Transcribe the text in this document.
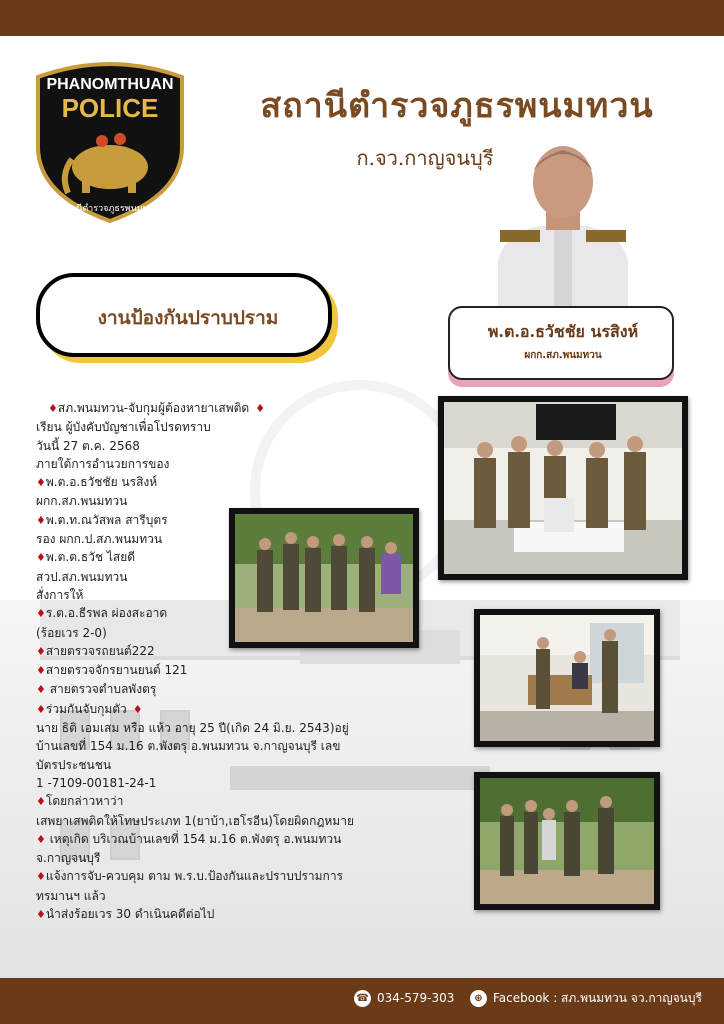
PHANOMTHUAN
POLICE
สถานีตำรวจภูธรพนมทวน
สถานีตำรวจภูธรพนมทวน
ก.จว.กาญจนบุรี
งานป้องกันปราบปราม
พ.ต.อ.ธวัชชัย นรสิงห์
ผกก.สภ.พนมทวน
♦สภ.พนมทวน-จับกุมผู้ต้องหายาเสพติด ♦
เรียน ผู้บังคับบัญชาเพื่อโปรดทราบ
วันนี้ 27 ต.ค. 2568
ภายใต้การอำนวยการของ
♦พ.ต.อ.ธวัชชัย นรสิงห์
ผกก.สภ.พนมทวน
♦พ.ต.ท.ณวัสพล สารีบุตร
รอง ผกก.ป.สภ.พนมทวน
♦พ.ต.ต.ธวัช ไสยดี
สวป.สภ.พนมทวน
สั่งการให้
♦ร.ต.อ.ธีรพล ผ่องสะอาด
(ร้อยเวร 2-0)
♦สายตรวจรถยนต์222
♦สายตรวจจักรยานยนต์ 121
♦ สายตรวจตำบลพังตรุ
♦ร่วมกันจับกุมตัว ♦
นาย ธิติ เอมเสม หรือ แห้ว อายุ 25 ปี(เกิด 24 มิ.ย. 2543)อยู่
บ้านเลขที่ 154 ม.16 ต.พังตรุ อ.พนมทวน จ.กาญจนบุรี เลข
บัตรประชนชน
1 -7109-00181-24-1
♦โดยกล่าวหาว่า
เสพยาเสพติดให้โทษประเภท 1(ยาบ้า,เฮโรอีน)โดยผิดกฎหมาย
♦ เหตุเกิด บริเวณบ้านเลขที่ 154 ม.16 ต.พังตรุ อ.พนมทวน
จ.กาญจนบุรี
♦แจ้งการจับ-ควบคุม ตาม พ.ร.บ.ป้องกันและปราบปรามการ
ทรมานฯ แล้ว
♦นำส่งร้อยเวร 30 ดำเนินคดีต่อไป
☎ 034-579-303	⊕ Facebook : สภ.พนมทวน จว.กาญจนบุรี
